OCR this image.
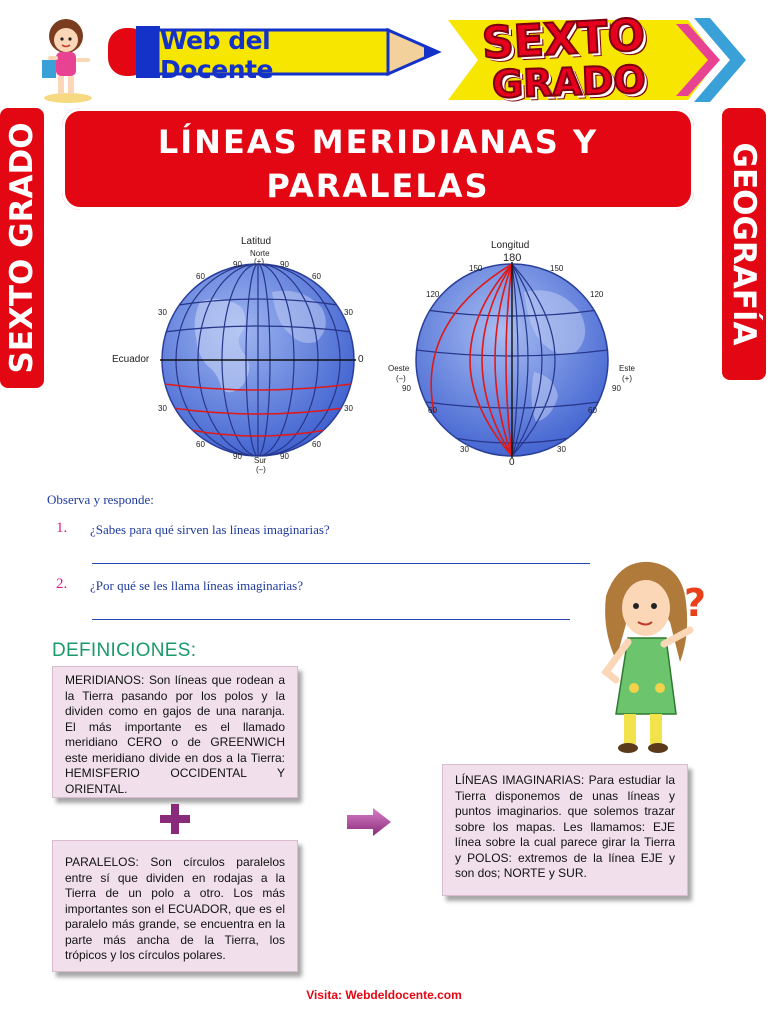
Web del Docente
SEXTO
GRADO
SEXTO GRADO	GEOGRAFÍA
LÍNEAS MERIDIANAS Y
PARALELAS
Latitud
Norte
(+)
90	90
60	60
30	30
Ecuador	0
30	30
60	60
90	90
Sur
(–)
Longitud
180
150	150
120	120
Oeste
(–)
Este
(+)
90	90
60	60
30	30
0
Observa y responde:
1. ¿Sabes para qué sirven las líneas imaginarias?
2. ¿Por qué se les llama líneas imaginarias?	?
DEFINICIONES:
MERIDIANOS: Son líneas que rodean a la Tierra pasando por los polos y la dividen como en gajos de una naranja. El más importante es el llamado meridiano CERO o de GREENWICH este meridiano divide en dos a la Tierra: HEMISFERIO OCCIDENTAL Y ORIENTAL.
PARALELOS: Son círculos paralelos entre sí que dividen en rodajas a la Tierra de un polo a otro. Los más importantes son el ECUADOR, que es el paralelo más grande, se encuentra en la parte más ancha de la Tierra, los trópicos y los círculos polares.
LÍNEAS IMAGINARIAS: Para estudiar la Tierra disponemos de unas líneas y puntos imaginarios. que solemos trazar sobre los mapas. Les llamamos: EJE línea sobre la cual parece girar la Tierra y POLOS: extremos de la línea EJE y son dos; NORTE y SUR.
Visita: Webdeldocente.com
